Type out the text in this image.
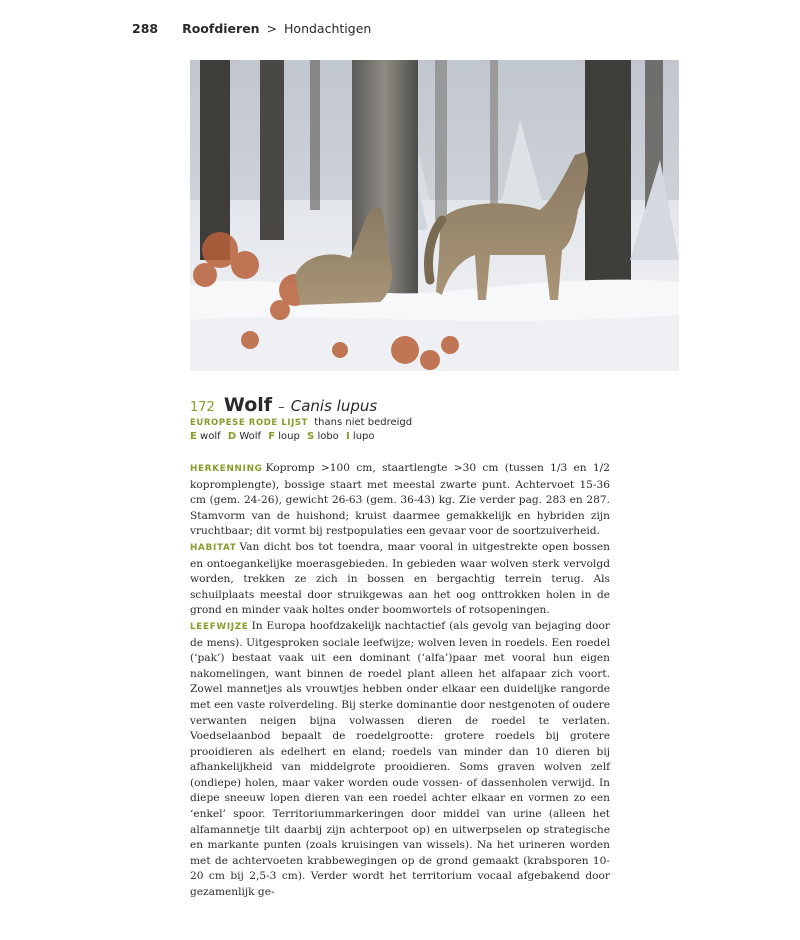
288 Roofdieren > Hondachtigen
172 Wolf – Canis lupus
EUROPESE RODE LIJST thans niet bedreigd
E wolf D Wolf F loup S lobo I lupo

HERKENNING Kopromp >100 cm, staartlengte >30 cm (tussen 1/3 en 1/2 kopromplengte), bossige staart met meestal zwarte punt. Achtervoet 15-36 cm (gem. 24-26), gewicht 26-63 (gem. 36-43) kg. Zie verder pag. 283 en 287. Stamvorm van de huishond; kruist daarmee gemakkelijk en hybriden zijn vruchtbaar; dit vormt bij restpopulaties een gevaar voor de soortzuiverheid.

HABITAT Van dicht bos tot toendra, maar vooral in uitgestrekte open bossen en ontoegankelijke moerasgebieden. In gebieden waar wolven sterk vervolgd worden, trekken ze zich in bossen en bergachtig terrein terug. Als schuilplaats meestal door struikgewas aan het oog onttrokken holen in de grond en minder vaak holtes onder boomwortels of rotsopeningen.

LEEFWIJZE In Europa hoofdzakelijk nachtactief (als gevolg van bejaging door de mens). Uitgesproken sociale leefwijze; wolven leven in roedels. Een roedel (‘pak’) bestaat vaak uit een dominant (‘alfa’)paar met vooral hun eigen nakomelingen, want binnen de roedel plant alleen het alfapaar zich voort. Zowel mannetjes als vrouwtjes hebben onder elkaar een duidelijke rangorde met een vaste rolverdeling. Bij sterke dominantie door nestgenoten of oudere verwanten neigen bijna volwassen dieren de roedel te verlaten. Voedselaanbod bepaalt de roedelgrootte: grotere roedels bij grotere prooidieren als edelhert en eland; roedels van minder dan 10 dieren bij afhankelijkheid van middelgrote prooidieren. Soms graven wolven zelf (ondiepe) holen, maar vaker worden oude vossen- of dassenholen verwijd. In diepe sneeuw lopen dieren van een roedel achter elkaar en vormen zo een ‘enkel’ spoor. Territoriummarkeringen door middel van urine (alleen het alfamannetje tilt daarbij zijn achterpoot op) en uitwerpselen op strategische en markante punten (zoals kruisingen van wissels). Na het urineren worden met de achtervoeten krabbewegingen op de grond gemaakt (krabsporen 10-20 cm bij 2,5-3 cm). Verder wordt het territorium vocaal afgebakend door gezamenlijk ge-
